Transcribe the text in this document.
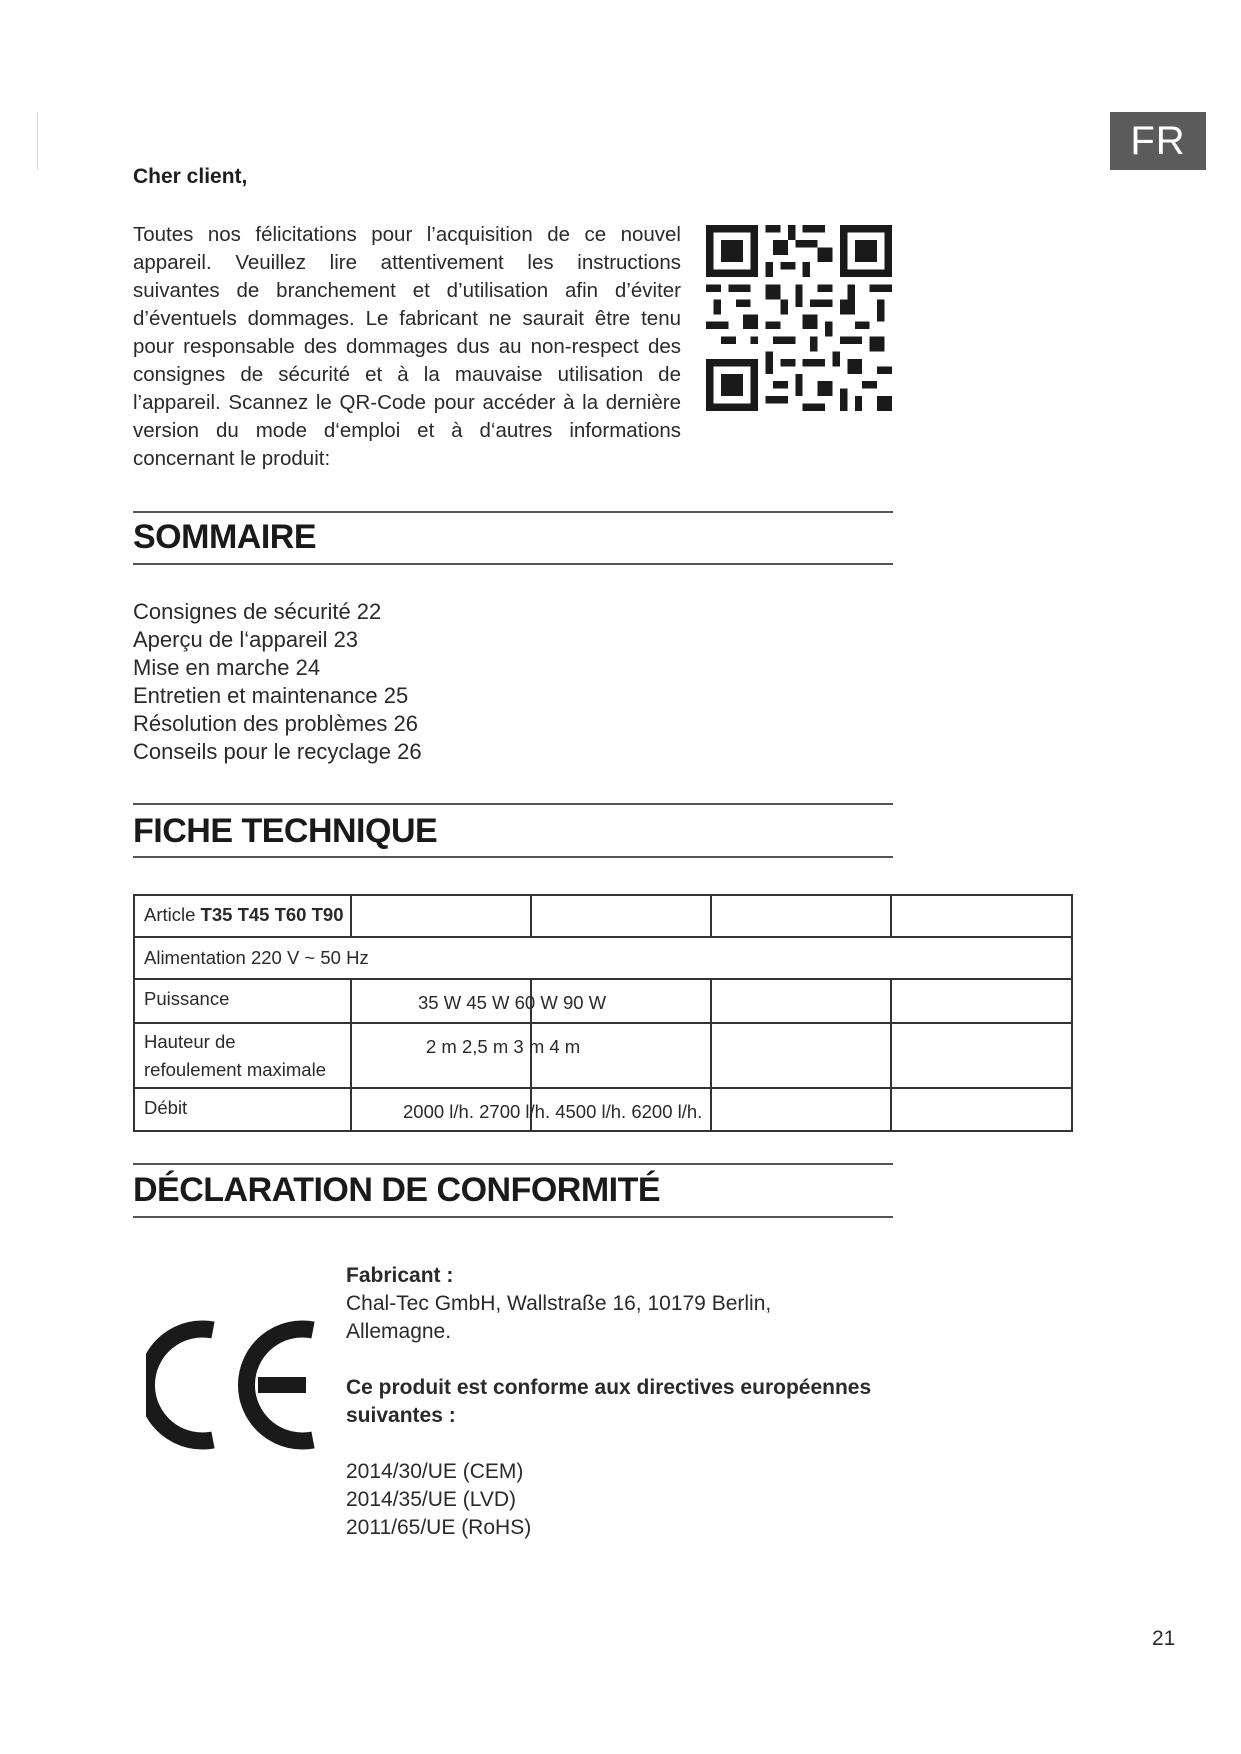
FR
Cher client,
Toutes nos félicitations pour l’acquisition de ce nouvel appareil. Veuillez lire attentivement les instructions suivantes de branchement et d’utilisation afin d’éviter d’éventuels dommages. Le fabricant ne saurait être tenu pour responsable des dommages dus au non-respect des consignes de sécurité et à la mauvaise utilisation de l’appareil. Scannez le QR-Code pour accéder à la dernière version du mode d‘emploi et à d‘autres informations concernant le produit:
SOMMAIRE
Consignes de sécurité 22
Aperçu de l‘appareil 23
Mise en marche 24
Entretien et maintenance 25
Résolution des problèmes 26
Conseils pour le recyclage 26
FICHE TECHNIQUE
Article T35 T45 T60 T90
Alimentation 220 V ~ 50 Hz
Puissance	35 W 45 W 60 W 90 W
Hauteur de
refoulement maximale
2 m 2,5 m 3 m 4 m
Débit	2000 l/h. 2700 l/h. 4500 l/h. 6200 l/h.
DÉCLARATION DE CONFORMITÉ
Fabricant :
Chal-Tec GmbH, Wallstraße 16, 10179 Berlin,
Allemagne.
Ce produit est conforme aux directives européennes
suivantes :
2014/30/UE (CEM)
2014/35/UE (LVD)
2011/65/UE (RoHS)
21
